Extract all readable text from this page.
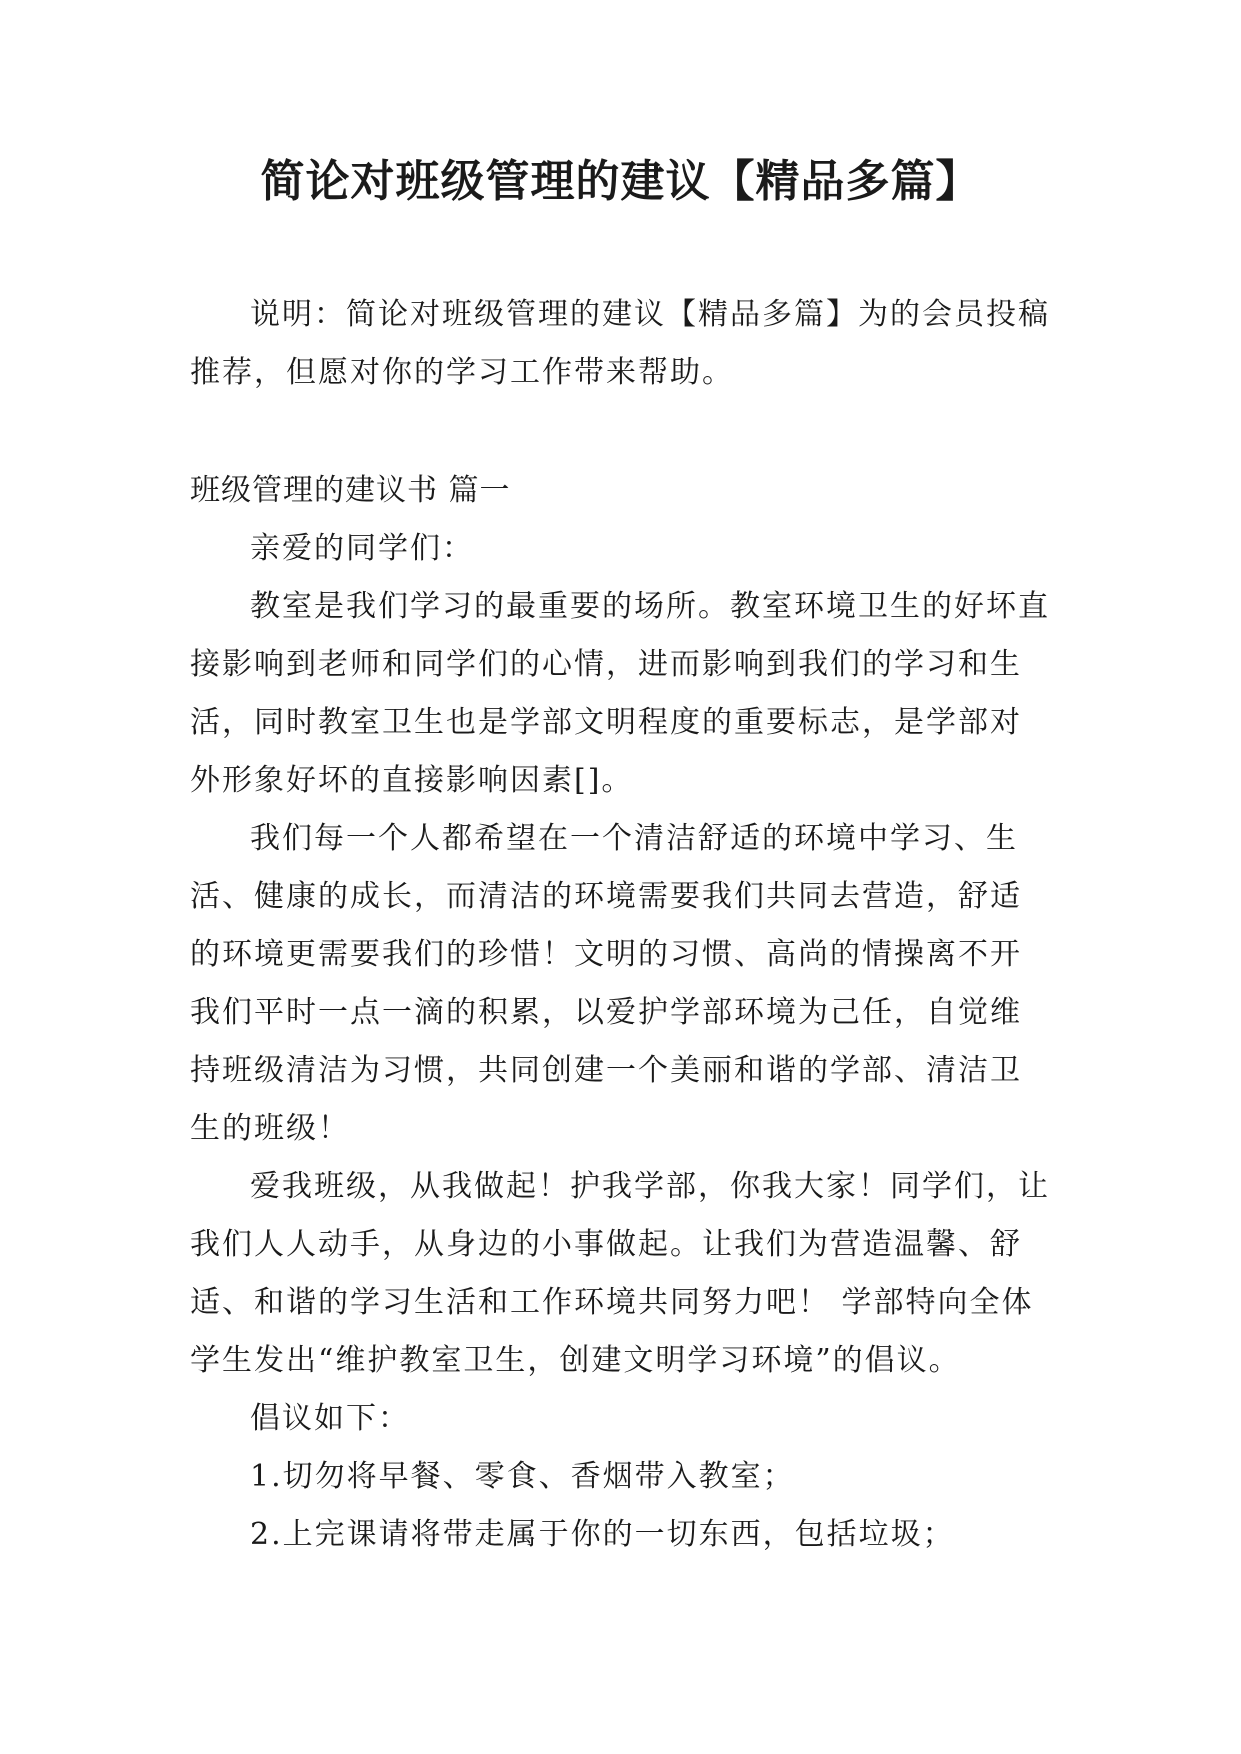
简论对班级管理的建议【精品多篇】

说明：简论对班级管理的建议【精品多篇】为的会员投稿推荐，但愿对你的学习工作带来帮助。

班级管理的建议书 篇一

亲爱的同学们：

教室是我们学习的最重要的场所。教室环境卫生的好坏直接影响到老师和同学们的心情，进而影响到我们的学习和生活，同时教室卫生也是学部文明程度的重要标志，是学部对外形象好坏的直接影响因素[]。

我们每一个人都希望在一个清洁舒适的环境中学习、生活、健康的成长，而清洁的环境需要我们共同去营造，舒适的环境更需要我们的珍惜！文明的习惯、高尚的情操离不开我们平时一点一滴的积累，以爱护学部环境为己任，自觉维持班级清洁为习惯，共同创建一个美丽和谐的学部、清洁卫生的班级！

爱我班级，从我做起！护我学部，你我大家！同学们，让我们人人动手，从身边的小事做起。让我们为营造温馨、舒适、和谐的学习生活和工作环境共同努力吧！ 学部特向全体学生发出“维护教室卫生，创建文明学习环境”的倡议。

倡议如下：

1.切勿将早餐、零食、香烟带入教室；

2.上完课请将带走属于你的一切东西，包括垃圾；
